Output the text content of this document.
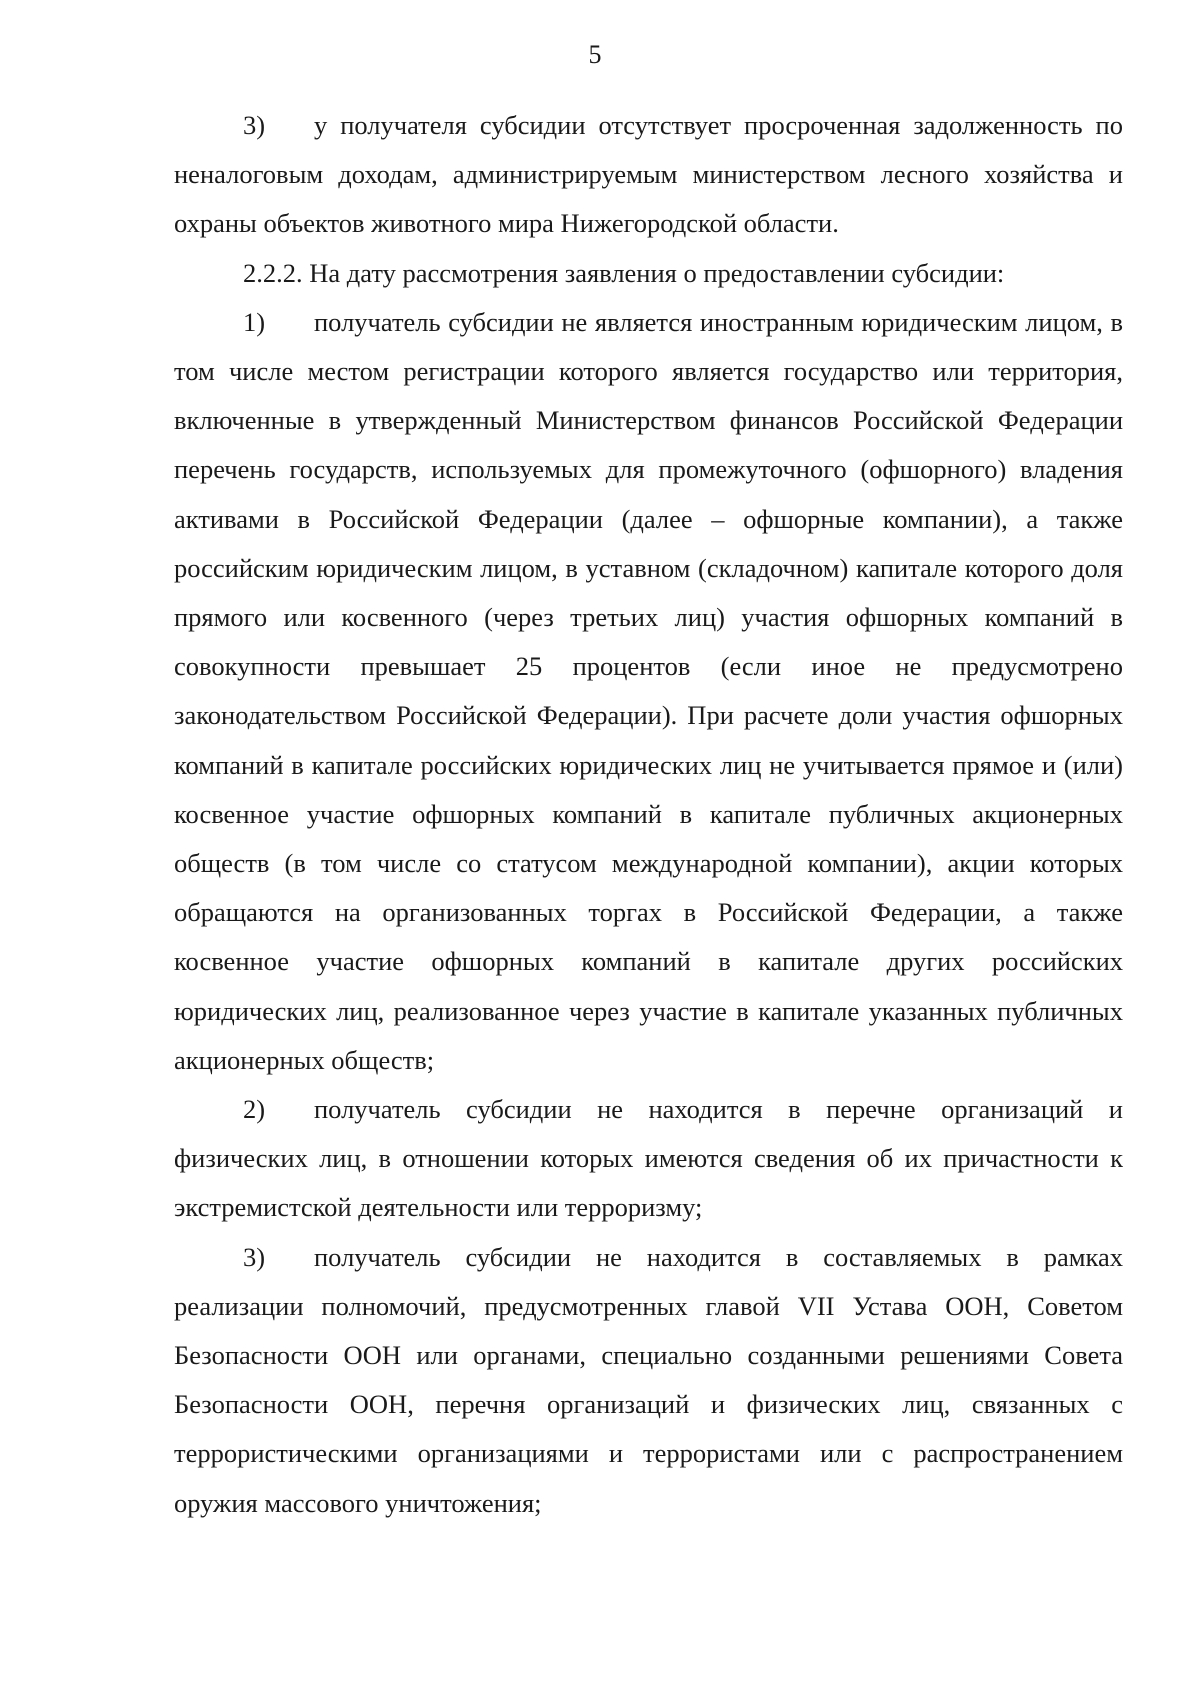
5

3) у получателя субсидии отсутствует просроченная задолженность по неналоговым доходам, администрируемым министерством лесного хозяйства и охраны объектов животного мира Нижегородской области.

2.2.2. На дату рассмотрения заявления о предоставлении субсидии:

1) получатель субсидии не является иностранным юридическим лицом, в том числе местом регистрации которого является государство или территория, включенные в утвержденный Министерством финансов Российской Федерации перечень государств, используемых для промежуточного (офшорного) владения активами в Российской Федерации (далее – офшорные компании), а также российским юридическим лицом, в уставном (складочном) капитале которого доля прямого или косвенного (через третьих лиц) участия офшорных компаний в совокупности превышает 25 процентов (если иное не предусмотрено законодательством Российской Федерации). При расчете доли участия офшорных компаний в капитале российских юридических лиц не учитывается прямое и (или) косвенное участие офшорных компаний в капитале публичных акционерных обществ (в том числе со статусом международной компании), акции которых обращаются на организованных торгах в Российской Федерации, а также косвенное участие офшорных компаний в капитале других российских юридических лиц, реализованное через участие в капитале указанных публичных акционерных обществ;

2) получатель субсидии не находится в перечне организаций и физических лиц, в отношении которых имеются сведения об их причастности к экстремистской деятельности или терроризму;

3) получатель субсидии не находится в составляемых в рамках реализации полномочий, предусмотренных главой VII Устава ООН, Советом Безопасности ООН или органами, специально созданными решениями Совета Безопасности ООН, перечня организаций и физических лиц, связанных с террористическими организациями и террористами или с распространением оружия массового уничтожения;
